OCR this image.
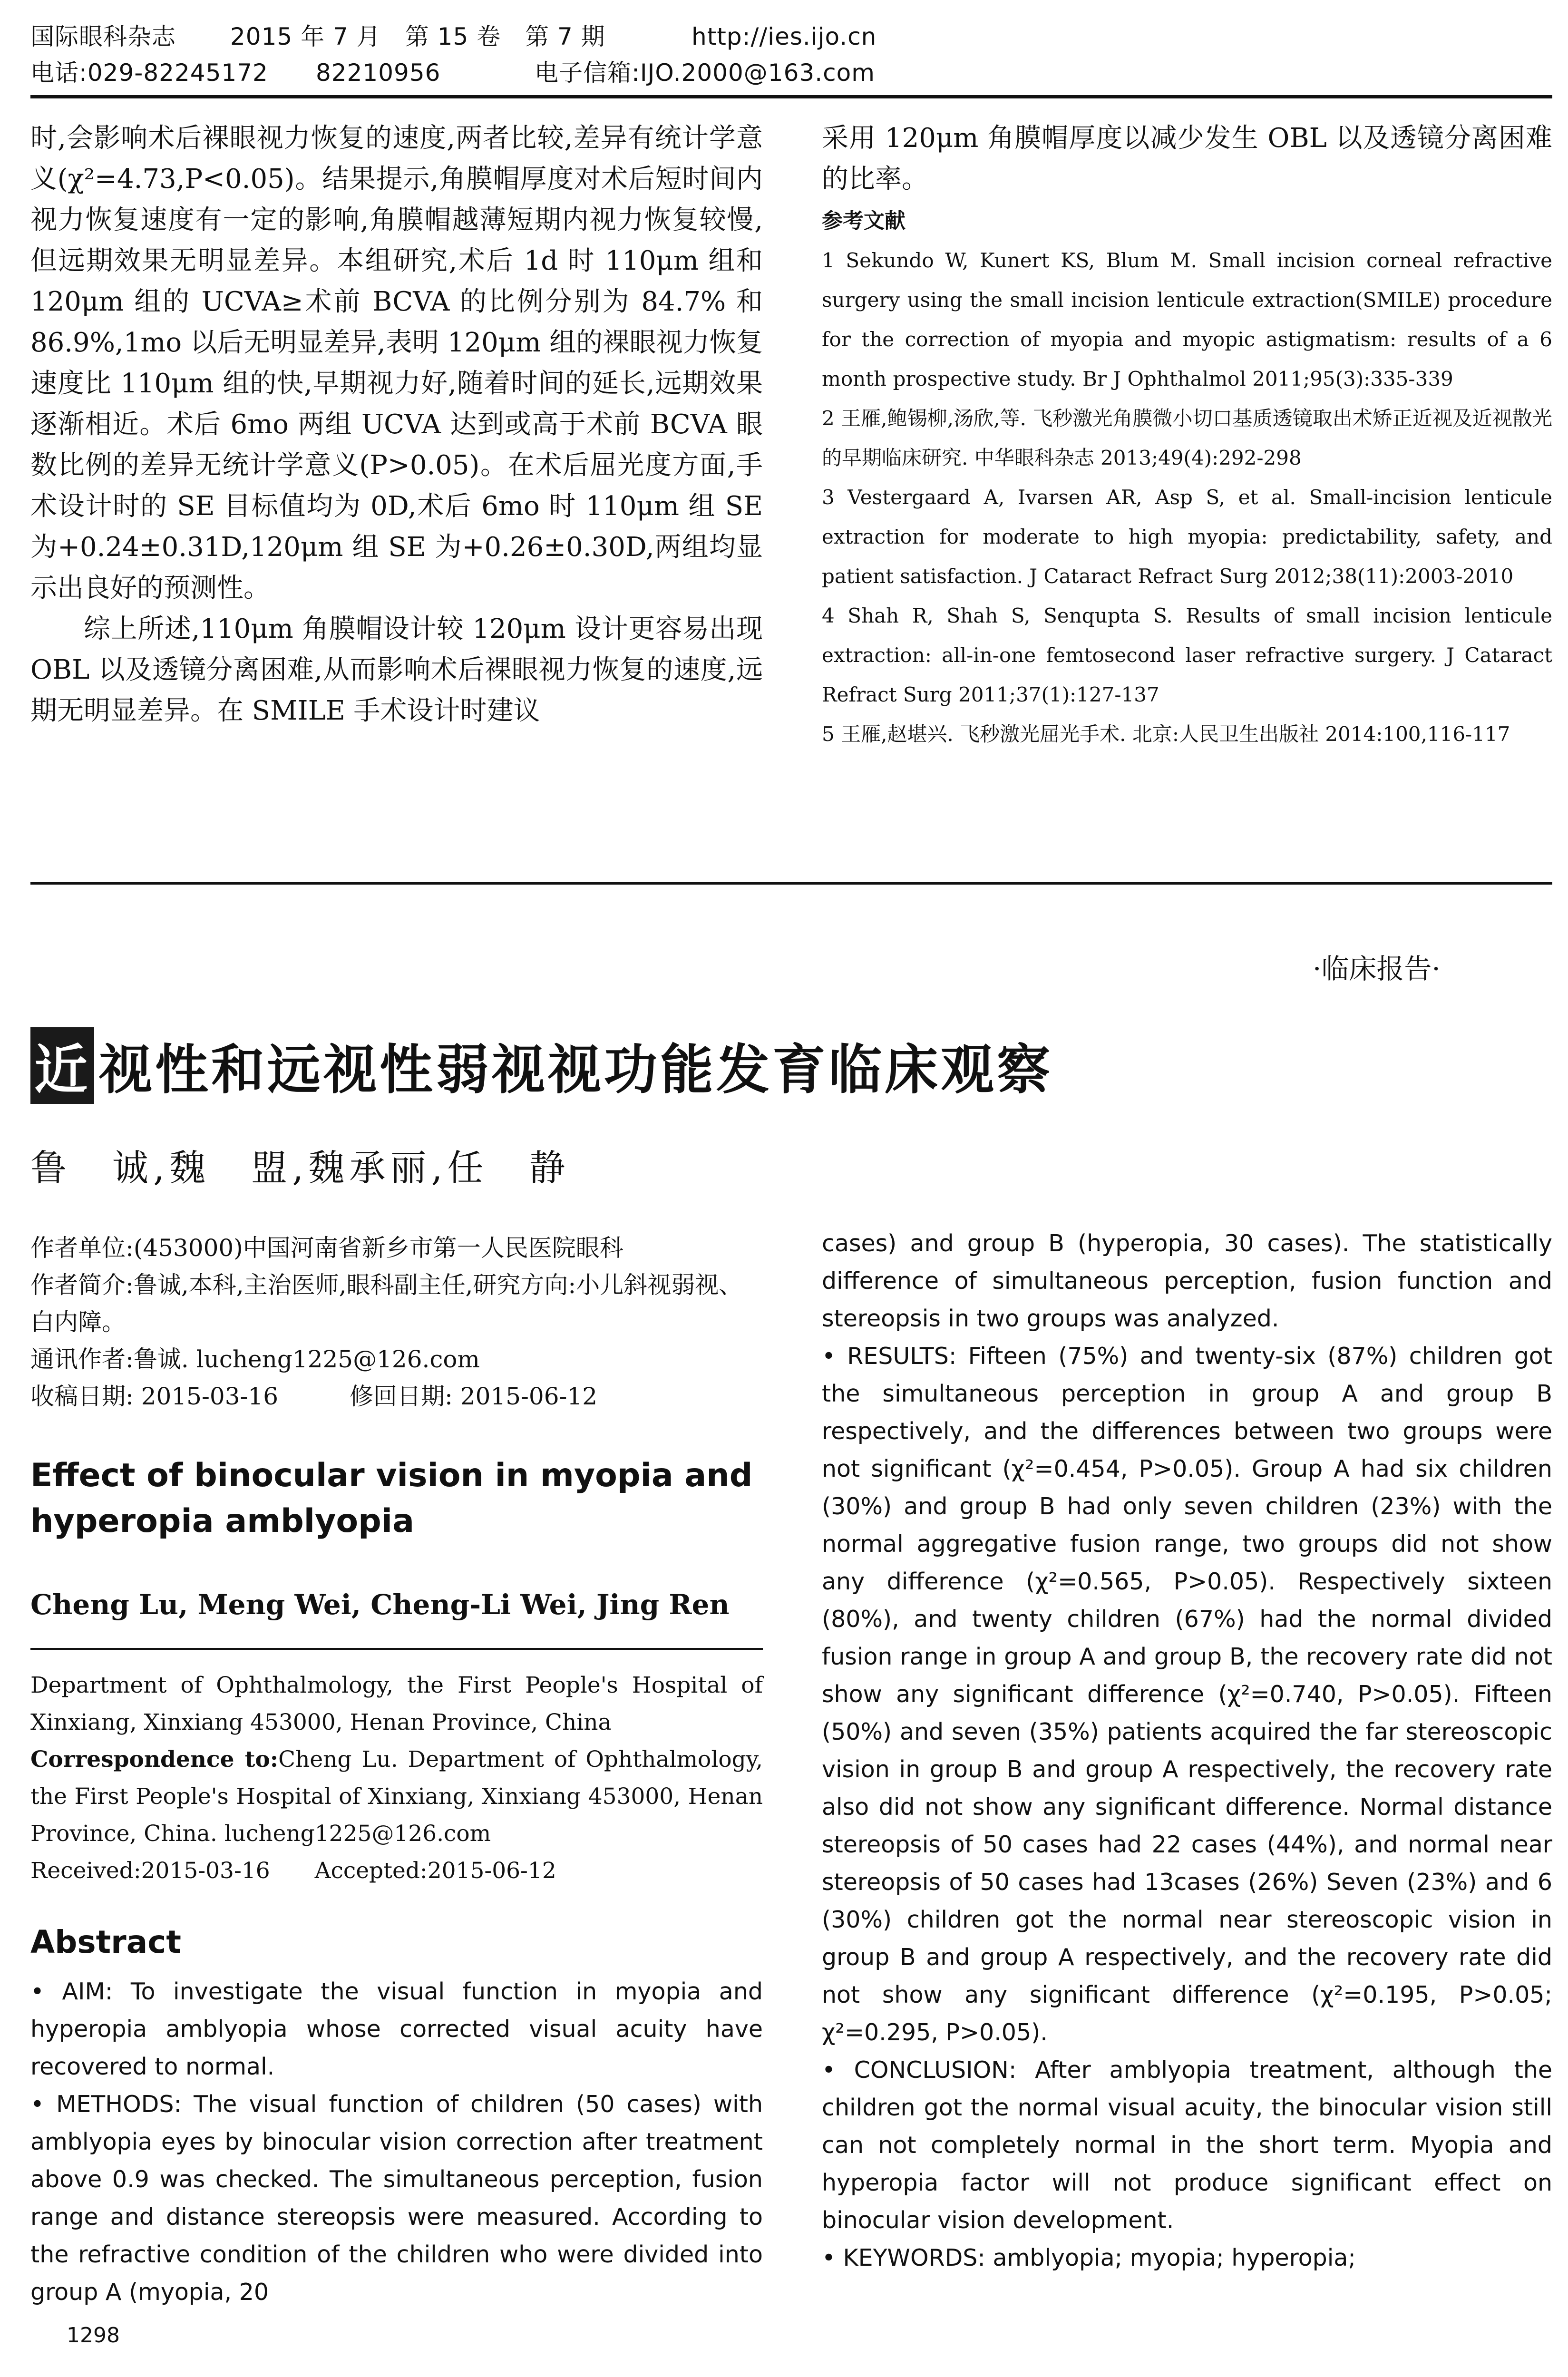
国际眼科杂志 2015 年 7 月　第 15 卷　第 7 期	http://ies.ijo.cn
电话:029-82245172 82210956	电子信箱:IJO.2000@163.com

时,会影响术后裸眼视力恢复的速度,两者比较,差异有统计学意义(χ²=4.73,P<0.05)。结果提示,角膜帽厚度对术后短时间内视力恢复速度有一定的影响,角膜帽越薄短期内视力恢复较慢,但远期效果无明显差异。本组研究,术后 1d 时 110μm 组和 120μm 组的 UCVA≥术前 BCVA 的比例分别为 84.7% 和 86.9%,1mo 以后无明显差异,表明 120μm 组的裸眼视力恢复速度比 110μm 组的快,早期视力好,随着时间的延长,远期效果逐渐相近。术后 6mo 两组 UCVA 达到或高于术前 BCVA 眼数比例的差异无统计学意义(P>0.05)。在术后屈光度方面,手术设计时的 SE 目标值均为 0D,术后 6mo 时 110μm 组 SE 为+0.24±0.31D,120μm 组 SE 为+0.26±0.30D,两组均显示出良好的预测性。

综上所述,110μm 角膜帽设计较 120μm 设计更容易出现 OBL 以及透镜分离困难,从而影响术后裸眼视力恢复的速度,远期无明显差异。在 SMILE 手术设计时建议

采用 120μm 角膜帽厚度以减少发生 OBL 以及透镜分离困难的比率。

参考文献

1 Sekundo W, Kunert KS, Blum M. Small incision corneal refractive surgery using the small incision lenticule extraction(SMILE) procedure for the correction of myopia and myopic astigmatism: results of a 6 month prospective study. Br J Ophthalmol 2011;95(3):335-339

2 王雁,鲍锡柳,汤欣,等. 飞秒激光角膜微小切口基质透镜取出术矫正近视及近视散光的早期临床研究. 中华眼科杂志 2013;49(4):292-298

3 Vestergaard A, Ivarsen AR, Asp S, et al. Small-incision lenticule extraction for moderate to high myopia: predictability, safety, and patient satisfaction. J Cataract Refract Surg 2012;38(11):2003-2010

4 Shah R, Shah S, Senqupta S. Results of small incision lenticule extraction: all-in-one femtosecond laser refractive surgery. J Cataract Refract Surg 2011;37(1):127-137

5 王雁,赵堪兴. 飞秒激光屈光手术. 北京:人民卫生出版社 2014:100,116-117

·临床报告·
近 视性和远视性弱视视功能发育临床观察
鲁　诚,魏　盟,魏承丽,任　静

作者单位:(453000)中国河南省新乡市第一人民医院眼科

作者简介:鲁诚,本科,主治医师,眼科副主任,研究方向:小儿斜视弱视、白内障。

通讯作者:鲁诚. lucheng1225@126.com

收稿日期: 2015-03-16　　　修回日期: 2015-06-12

Effect of binocular vision in myopia and hyperopia amblyopia
Cheng Lu, Meng Wei, Cheng-Li Wei, Jing Ren

Department of Ophthalmology, the First People's Hospital of Xinxiang, Xinxiang 453000, Henan Province, China

Correspondence to:Cheng Lu. Department of Ophthalmology, the First People's Hospital of Xinxiang, Xinxiang 453000, Henan Province, China. lucheng1225@126.com

Received:2015-03-16　　Accepted:2015-06-12

Abstract

• AIM: To investigate the visual function in myopia and hyperopia amblyopia whose corrected visual acuity have recovered to normal.

• METHODS: The visual function of children (50 cases) with amblyopia eyes by binocular vision correction after treatment above 0.9 was checked. The simultaneous perception, fusion range and distance stereopsis were measured. According to the refractive condition of the children who were divided into group A (myopia, 20

cases) and group B (hyperopia, 30 cases). The statistically difference of simultaneous perception, fusion function and stereopsis in two groups was analyzed.

• RESULTS: Fifteen (75%) and twenty-six (87%) children got the simultaneous perception in group A and group B respectively, and the differences between two groups were not significant (χ²=0.454, P>0.05). Group A had six children (30%) and group B had only seven children (23%) with the normal aggregative fusion range, two groups did not show any difference (χ²=0.565, P>0.05). Respectively sixteen (80%), and twenty children (67%) had the normal divided fusion range in group A and group B, the recovery rate did not show any significant difference (χ²=0.740, P>0.05). Fifteen (50%) and seven (35%) patients acquired the far stereoscopic vision in group B and group A respectively, the recovery rate also did not show any significant difference. Normal distance stereopsis of 50 cases had 22 cases (44%), and normal near stereopsis of 50 cases had 13cases (26%) Seven (23%) and 6 (30%) children got the normal near stereoscopic vision in group B and group A respectively, and the recovery rate did not show any significant difference (χ²=0.195, P>0.05; χ²=0.295, P>0.05).

• CONCLUSION: After amblyopia treatment, although the children got the normal visual acuity, the binocular vision still can not completely normal in the short term. Myopia and hyperopia factor will not produce significant effect on binocular vision development.

• KEYWORDS: amblyopia; myopia; hyperopia;

1298
